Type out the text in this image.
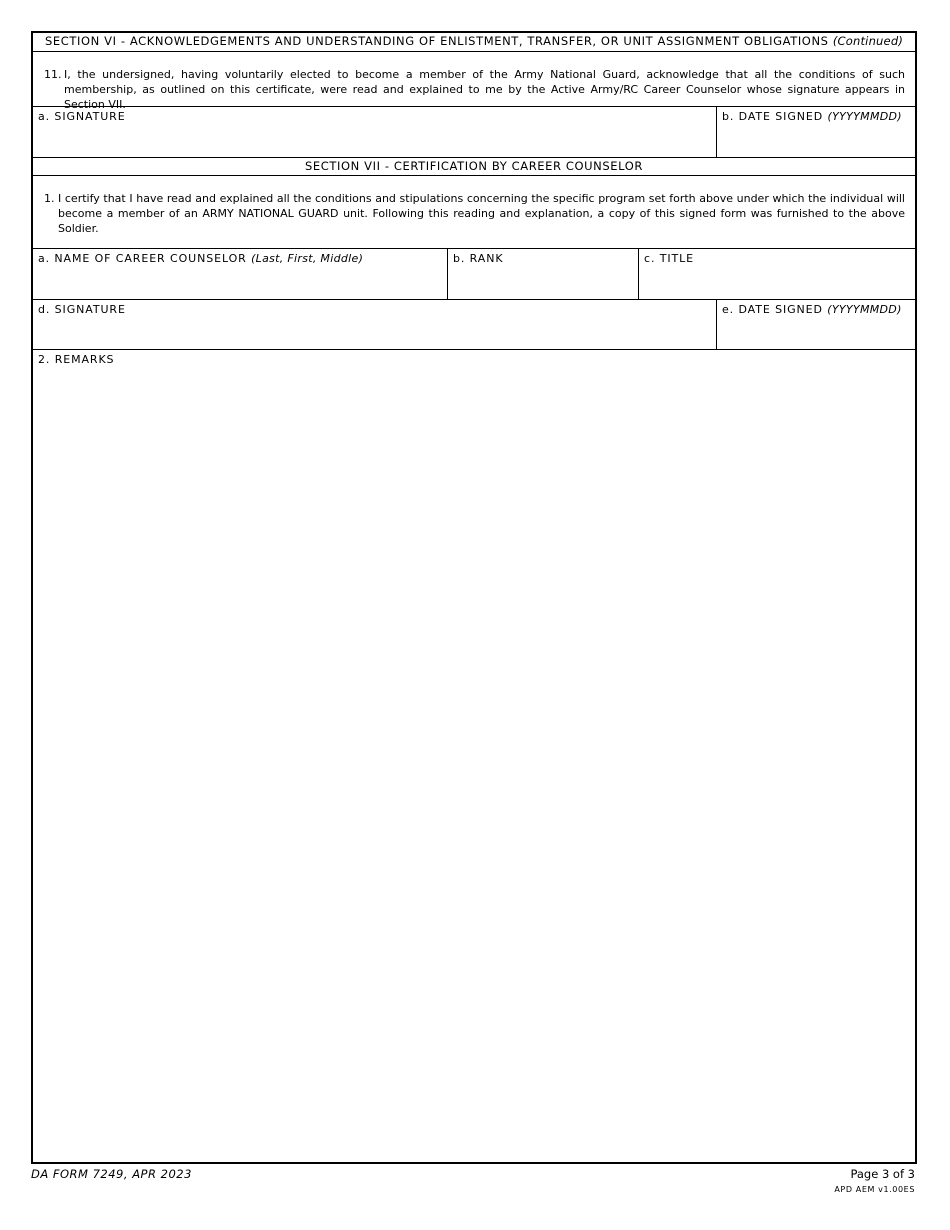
SECTION VI - ACKNOWLEDGEMENTS AND UNDERSTANDING OF ENLISTMENT, TRANSFER, OR UNIT ASSIGNMENT OBLIGATIONS (Continued)
11. I, the undersigned, having voluntarily elected to become a member of the Army National Guard, acknowledge that all the conditions of such membership, as outlined on this certificate, were read and explained to me by the Active Army/RC Career Counselor whose signature appears in Section VII.
a. SIGNATURE	b. DATE SIGNED (YYYYMMDD)
SECTION VII - CERTIFICATION BY CAREER COUNSELOR
1. I certify that I have read and explained all the conditions and stipulations concerning the specific program set forth above under which the individual will become a member of an ARMY NATIONAL GUARD unit. Following this reading and explanation, a copy of this signed form was furnished to the above Soldier.
a. NAME OF CAREER COUNSELOR (Last, First, Middle)	b. RANK	c. TITLE
d. SIGNATURE	e. DATE SIGNED (YYYYMMDD)
2. REMARKS
DA FORM 7249, APR 2023	Page 3 of 3
APD AEM v1.00ES
